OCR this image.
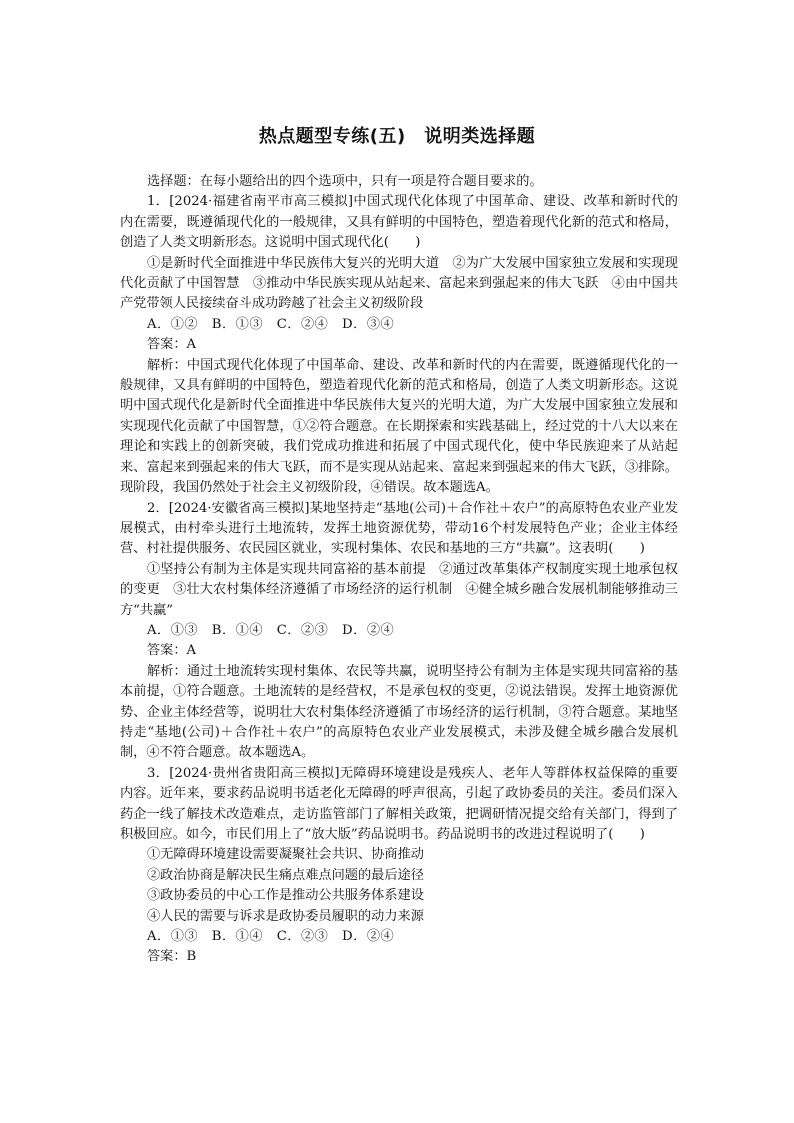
热点题型专练(五)　说明类选择题

选择题：在每小题给出的四个选项中，只有一项是符合题目要求的。

1．[2024·福建省南平市高三模拟]中国式现代化体现了中国革命、建设、改革和新时代的内在需要，既遵循现代化的一般规律，又具有鲜明的中国特色，塑造着现代化新的范式和格局，创造了人类文明新形态。这说明中国式现代化(　　)

①是新时代全面推进中华民族伟大复兴的光明大道　②为广大发展中国家独立发展和实现现代化贡献了中国智慧　③推动中华民族实现从站起来、富起来到强起来的伟大飞跃　④由中国共产党带领人民接续奋斗成功跨越了社会主义初级阶段

A．①②　B．①③　C．②④　D．③④

答案：A

解析：中国式现代化体现了中国革命、建设、改革和新时代的内在需要，既遵循现代化的一般规律，又具有鲜明的中国特色，塑造着现代化新的范式和格局，创造了人类文明新形态。这说明中国式现代化是新时代全面推进中华民族伟大复兴的光明大道，为广大发展中国家独立发展和实现现代化贡献了中国智慧，①②符合题意。在长期探索和实践基础上，经过党的十八大以来在理论和实践上的创新突破，我们党成功推进和拓展了中国式现代化，使中华民族迎来了从站起来、富起来到强起来的伟大飞跃，而不是实现从站起来、富起来到强起来的伟大飞跃，③排除。现阶段，我国仍然处于社会主义初级阶段，④错误。故本题选A。

2．[2024·安徽省高三模拟]某地坚持走“基地(公司)＋合作社＋农户”的高原特色农业产业发展模式，由村牵头进行土地流转，发挥土地资源优势，带动16个村发展特色产业；企业主体经营、村社提供服务、农民园区就业，实现村集体、农民和基地的三方“共赢”。这表明(　　)

①坚持公有制为主体是实现共同富裕的基本前提　②通过改革集体产权制度实现土地承包权的变更　③壮大农村集体经济遵循了市场经济的运行机制　④健全城乡融合发展机制能够推动三方“共赢”

A．①③　B．①④　C．②③　D．②④

答案：A

解析：通过土地流转实现村集体、农民等共赢，说明坚持公有制为主体是实现共同富裕的基本前提，①符合题意。土地流转的是经营权，不是承包权的变更，②说法错误。发挥土地资源优势、企业主体经营等，说明壮大农村集体经济遵循了市场经济的运行机制，③符合题意。某地坚持走“基地(公司)＋合作社＋农户”的高原特色农业产业发展模式，未涉及健全城乡融合发展机制，④不符合题意。故本题选A。

3．[2024·贵州省贵阳高三模拟]无障碍环境建设是残疾人、老年人等群体权益保障的重要内容。近年来，要求药品说明书适老化无障碍的呼声很高，引起了政协委员的关注。委员们深入药企一线了解技术改造难点，走访监管部门了解相关政策，把调研情况提交给有关部门，得到了积极回应。如今，市民们用上了“放大版”药品说明书。药品说明书的改进过程说明了(　　)

①无障碍环境建设需要凝聚社会共识、协商推动

②政治协商是解决民生痛点难点问题的最后途径

③政协委员的中心工作是推动公共服务体系建设

④人民的需要与诉求是政协委员履职的动力来源

A．①③　B．①④　C．②③　D．②④

答案：B
